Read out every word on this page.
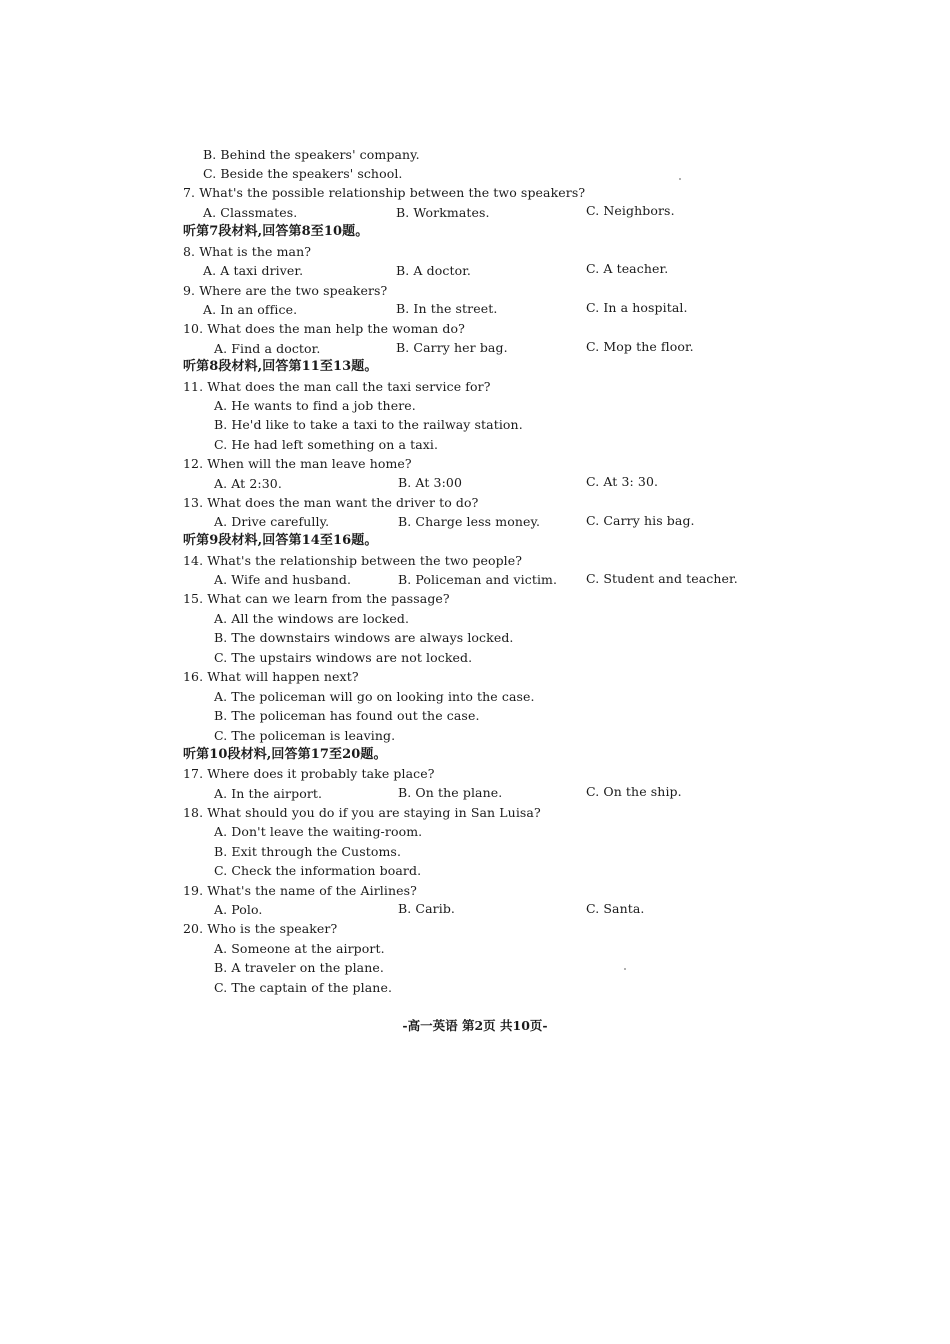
B. Behind the speakers' company.
C. Beside the speakers' school.
7. What's the possible relationship between the two speakers?
A. Classmates.	B. Workmates.	C. Neighbors.
听第7段材料,回答第8至10题。
8. What is the man?
A. A taxi driver.	B. A doctor.	C. A teacher.
9. Where are the two speakers?
A. In an office.	B. In the street.	C. In a hospital.
10. What does the man help the woman do?
A. Find a doctor.	B. Carry her bag.	C. Mop the floor.
听第8段材料,回答第11至13题。
11. What does the man call the taxi service for?
A. He wants to find a job there.
B. He'd like to take a taxi to the railway station.
C. He had left something on a taxi.
12. When will the man leave home?
A. At 2:30.	B. At 3:00	C. At 3: 30.
13. What does the man want the driver to do?
A. Drive carefully.	B. Charge less money.	C. Carry his bag.
听第9段材料,回答第14至16题。
14. What's the relationship between the two people?
A. Wife and husband.	B. Policeman and victim. C. Student and teacher.
15. What can we learn from the passage?
A. All the windows are locked.
B. The downstairs windows are always locked.
C. The upstairs windows are not locked.
16. What will happen next?
A. The policeman will go on looking into the case.
B. The policeman has found out the case.
C. The policeman is leaving.
听第10段材料,回答第17至20题。
17. Where does it probably take place?
A. In the airport.	B. On the plane.	C. On the ship.
18. What should you do if you are staying in San Luisa?
A. Don't leave the waiting-room.
B. Exit through the Customs.
C. Check the information board.
19. What's the name of the Airlines?
A. Polo.	B. Carib.	C. Santa.
20. Who is the speaker?
A. Someone at the airport.
B. A traveler on the plane.
C. The captain of the plane.
-高一英语 第2页 共10页-
